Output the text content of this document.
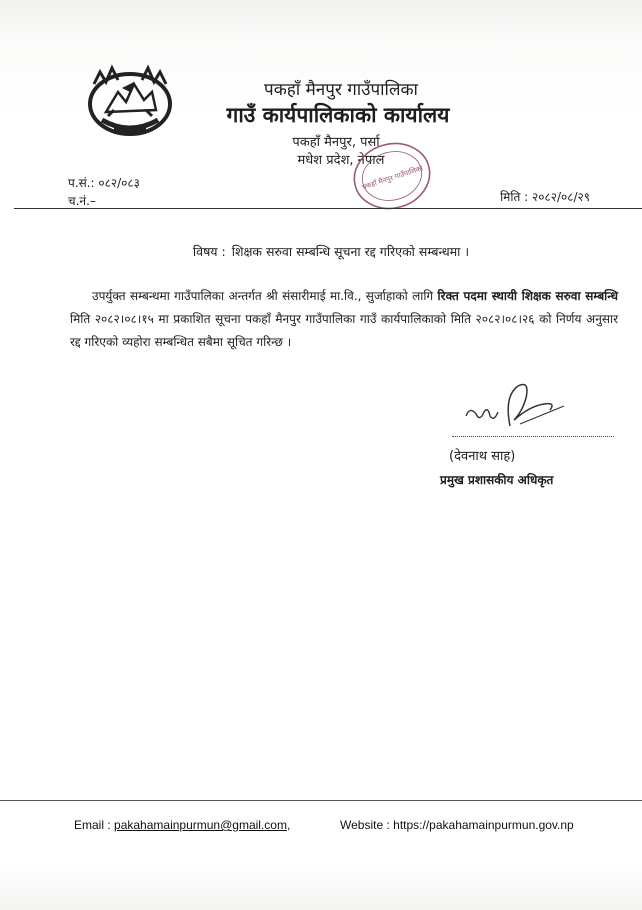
पकहाँ मैनपुर गाउँपालिका
गाउँ कार्यपालिकाको कार्यालय
पकहाँ मैनपुर, पर्सा
मधेश प्रदेश, नेपाल
पकहाँ मैनपुर गाउँपालिका
प.सं.: ०८२/०८३
च.नं.–	मिति : २०८२/०८/२९
विषय : शिक्षक सरुवा सम्बन्धि सूचना रद्द गरिएको सम्बन्धमा ।
उपर्युक्त सम्बन्धमा गाउँपालिका अन्तर्गत श्री संसारीमाई मा.वि., सुर्जाहाको लागि रिक्त पदमा स्थायी शिक्षक सरुवा सम्बन्धि मिति २०८२।०८।१५ मा प्रकाशित सूचना पकहाँ मैनपुर गाउँपालिका गाउँ कार्यपालिकाको मिति २०८२।०८।२६ को निर्णय अनुसार रद्द गरिएको व्यहोरा सम्बन्धित सबैमा सूचित गरिन्छ ।
(देवनाथ साह)
प्रमुख प्रशासकीय अधिकृत
Email : pakahamainpurmun@gmail.com,	Website : https://pakahamainpurmun.gov.np
